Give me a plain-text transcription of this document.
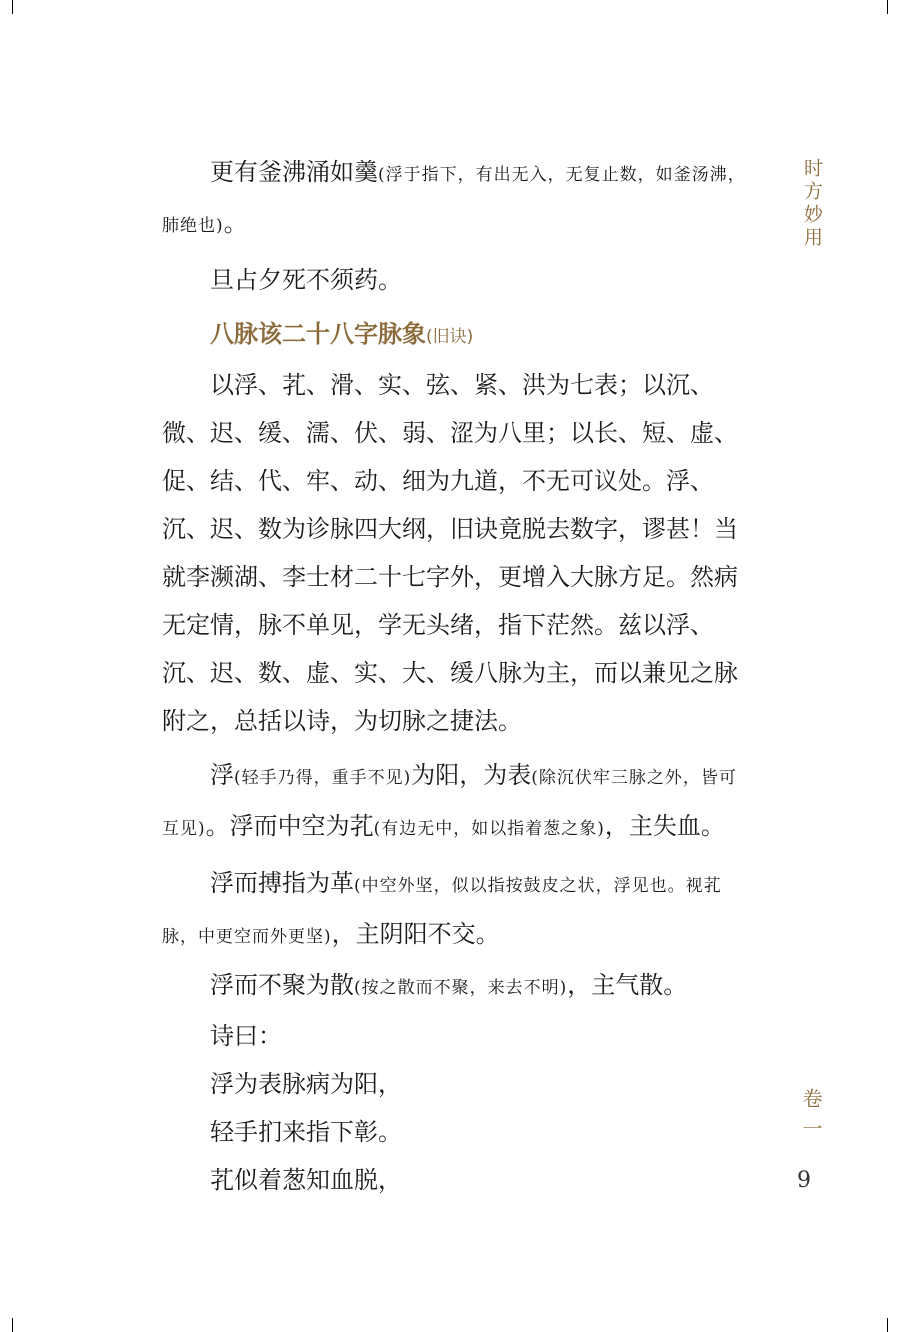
时方妙用
卷一
9

更有釜沸涌如羹(浮于指下，有出无入，无复止数，如釜汤沸，肺绝也)。

旦占夕死不须药。

八脉该二十八字脉象(旧诀)

以浮、芤、滑、实、弦、紧、洪为七表；以沉、微、迟、缓、濡、伏、弱、涩为八里；以长、短、虚、促、结、代、牢、动、细为九道，不无可议处。浮、沉、迟、数为诊脉四大纲，旧诀竟脱去数字，谬甚！当就李濒湖、李士材二十七字外，更增入大脉方足。然病无定情，脉不单见，学无头绪，指下茫然。兹以浮、沉、迟、数、虚、实、大、缓八脉为主，而以兼见之脉附之，总括以诗，为切脉之捷法。

浮(轻手乃得，重手不见)为阳，为表(除沉伏牢三脉之外，皆可互见)。浮而中空为芤(有边无中，如以指着葱之象)，主失血。

浮而搏指为革(中空外坚，似以指按鼓皮之状，浮见也。视芤脉，中更空而外更坚)，主阴阳不交。

浮而不聚为散(按之散而不聚，来去不明)，主气散。

诗曰：

浮为表脉病为阳，

轻手扪来指下彰。

芤似着葱知血脱，
